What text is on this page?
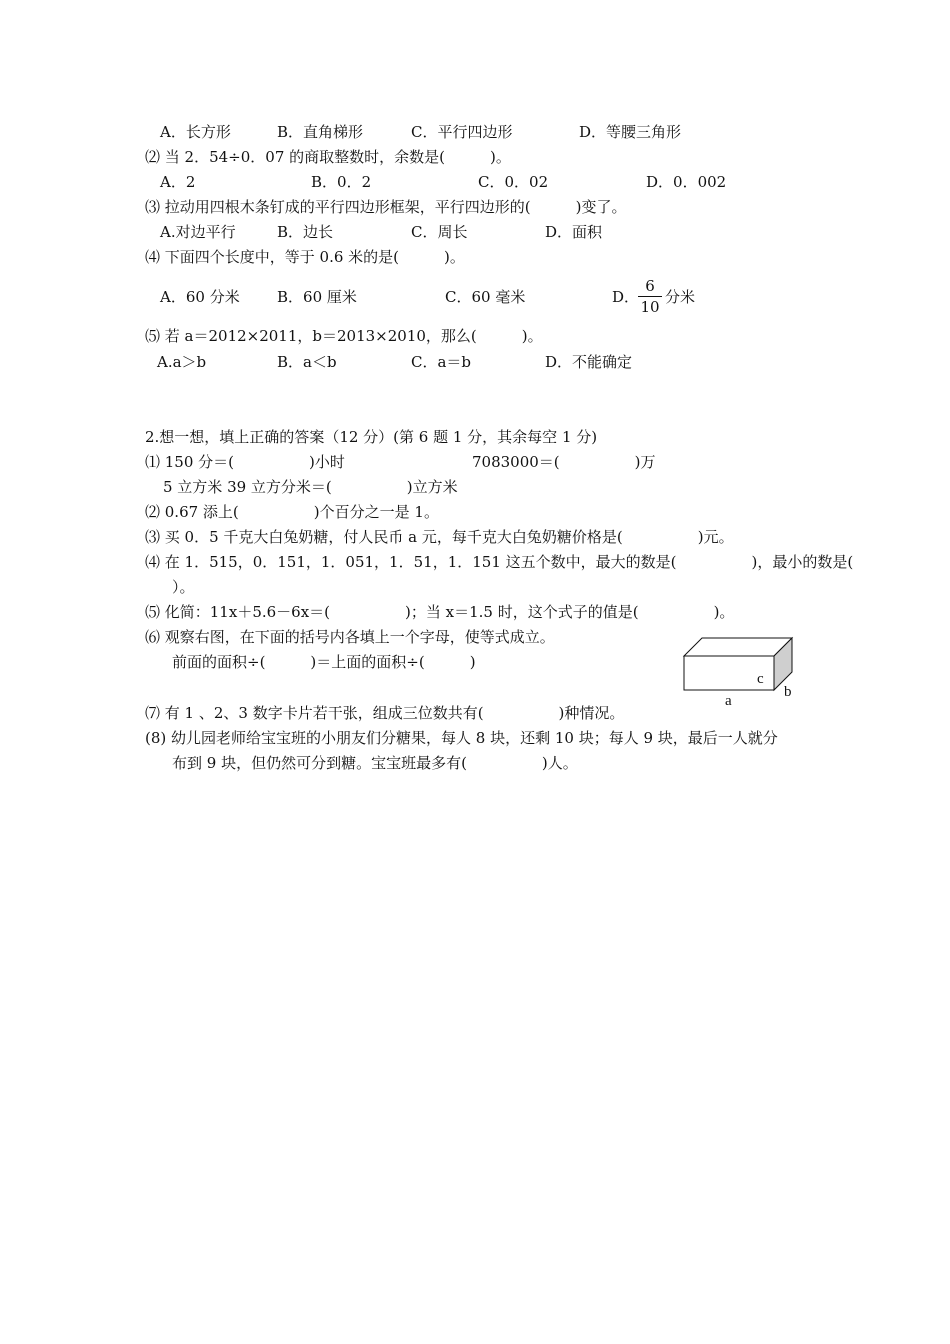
A．长方形	B．直角梯形	C．平行四边形	D．等腰三角形
⑵ 当 2．54÷0．07 的商取整数时，余数是(　　　)。
A．2	B．0．2	C．0．02	D．0．002
⑶ 拉动用四根木条钉成的平行四边形框架，平行四边形的(　　　)变了。
A.对边平行	B．边长	C．周长	D．面积
⑷ 下面四个长度中，等于 0.6 米的是(　　　)。
A．60 分米 B．60 厘米	C．60 毫米	D．
6
10
分米
⑸ 若 a＝2012×2011，b＝2013×2010，那么(　　　)。
A.a＞b	B．a＜b	C．a＝b	D．不能确定
2.想一想，填上正确的答案（12 分）(第 6 题 1 分，其余每空 1 分)
⑴ 150 分＝(　　　　　)小时	7083000＝(　　　　　)万
5 立方米 39 立方分米＝(　　　　　)立方米
⑵ 0.67 添上(　　　　　)个百分之一是 1。
⑶ 买 0．5 千克大白兔奶糖，付人民币 a 元，每千克大白兔奶糖价格是(　　　　　)元。
⑷ 在 1．515，0．151，1．051，1．51，1．151 这五个数中，最大的数是(　　　　　)，最小的数是(
）。
⑸ 化简：11x＋5.6－6x＝(　　　　　)；当 x＝1.5 时，这个式子的值是(　　　　　)。
⑹ 观察右图，在下面的括号内各填上一个字母，使等式成立。
前面的面积÷(　　　)＝上面的面积÷(　　　)
⑺ 有 1 、2、3 数字卡片若干张，组成三位数共有(　　　　　)种情况。
(8) 幼儿园老师给宝宝班的小朋友们分糖果，每人 8 块，还剩 10 块；每人 9 块，最后一人就分
布到 9 块，但仍然可分到糖。宝宝班最多有(　　　　　)人。
c
b
a
